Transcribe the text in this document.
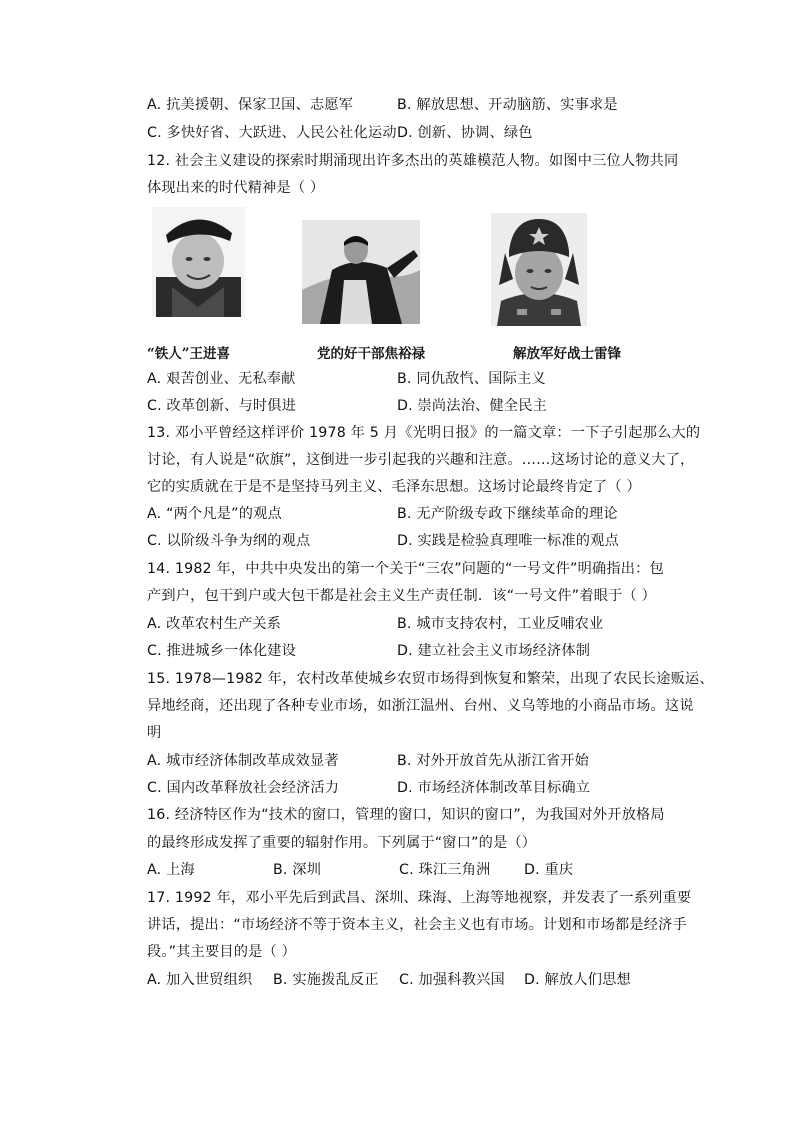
A. 抗美援朝、保家卫国、志愿军	B. 解放思想、开动脑筋、实事求是
C. 多快好省、大跃进、人民公社化运动 D. 创新、协调、绿色
12. 社会主义建设的探索时期涌现出许多杰出的英雄模范人物。如图中三位人物共同
体现出来的时代精神是（ ）
“铁人”王进喜	党的好干部焦裕禄	解放军好战士雷锋
A. 艰苦创业、无私奉献	B. 同仇敌忾、国际主义
C. 改革创新、与时俱进	D. 崇尚法治、健全民主
13. 邓小平曾经这样评价 1978 年 5 月《光明日报》的一篇文章：一下子引起那么大的
讨论，有人说是“砍旗”，这倒进一步引起我的兴趣和注意。……这场讨论的意义大了，
它的实质就在于是不是坚持马列主义、毛泽东思想。这场讨论最终肯定了（ ）
A. “两个凡是”的观点	B. 无产阶级专政下继续革命的理论
C. 以阶级斗争为纲的观点	D. 实践是检验真理唯一标准的观点
14. 1982 年，中共中央发出的第一个关于“三农”问题的“一号文件”明确指出：包
产到户，包干到户或大包干都是社会主义生产责任制．该“一号文件”着眼于（ ）
A. 改革农村生产关系	B. 城市支持农村，工业反哺农业
C. 推进城乡一体化建设	D. 建立社会主义市场经济体制
15. 1978—1982 年，农村改革使城乡农贸市场得到恢复和繁荣，出现了农民长途贩运、
异地经商，还出现了各种专业市场，如浙江温州、台州、义乌等地的小商品市场。这说
明
A. 城市经济体制改革成效显著	B. 对外开放首先从浙江省开始
C. 国内改革释放社会经济活力	D. 市场经济体制改革目标确立
16. 经济特区作为“技术的窗口，管理的窗口，知识的窗口”，为我国对外开放格局
的最终形成发挥了重要的辐射作用。下列属于“窗口”的是（）
A. 上海	B. 深圳	C. 珠江三角洲 D. 重庆
17. 1992 年，邓小平先后到武昌、深圳、珠海、上海等地视察，并发表了一系列重要
讲话，提出：“市场经济不等于资本主义，社会主义也有市场。计划和市场都是经济手
段。”其主要目的是（ ）
A. 加入世贸组织 B. 实施拨乱反正 C. 加强科教兴国 D. 解放人们思想
